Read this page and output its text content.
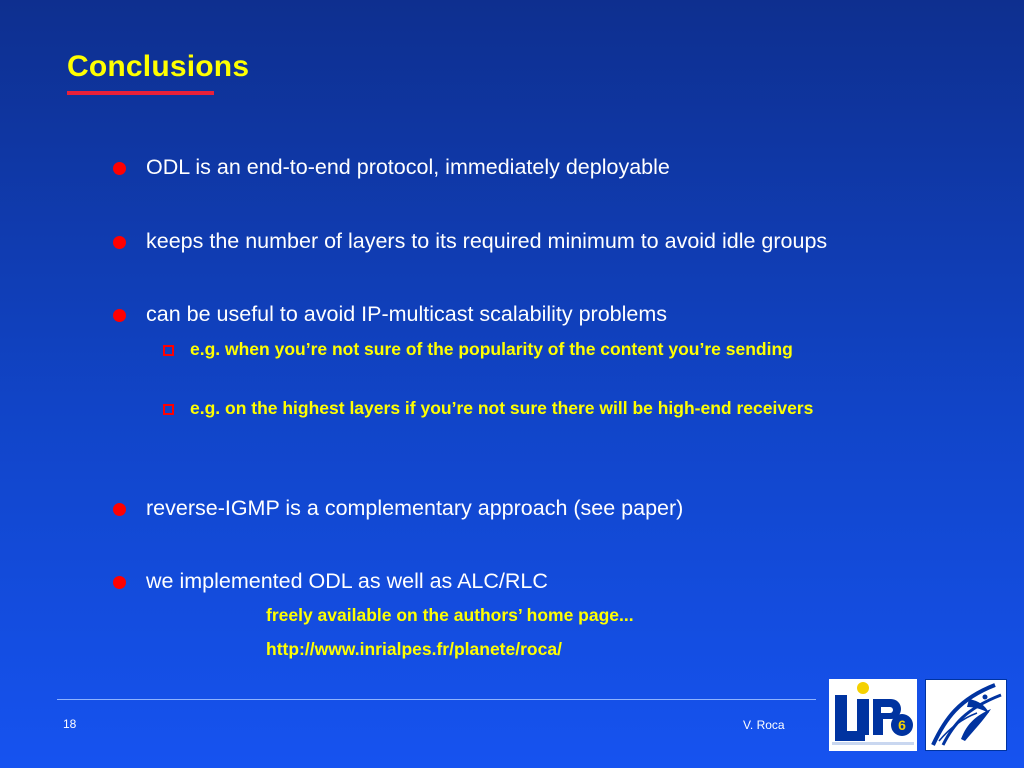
Conclusions
ODL is an end-to-end protocol, immediately deployable
keeps the number of layers to its required minimum to avoid idle groups
can be useful to avoid IP-multicast scalability problems
e.g. when you’re not sure of the popularity of the content you’re sending
e.g. on the highest layers if you’re not sure there will be high-end receivers
reverse-IGMP is a complementary approach (see paper)
we implemented ODL as well as ALC/RLC
freely available on the authors’ home page...
http://www.inrialpes.fr/planete/roca/
18	V. Roca	6
